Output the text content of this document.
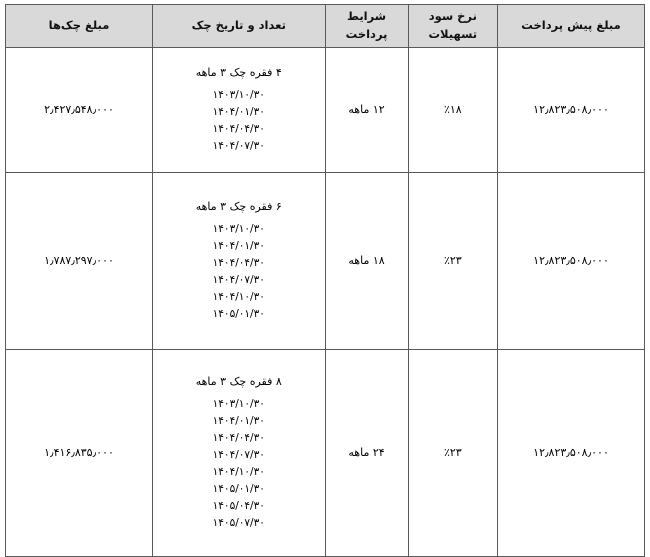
مبلغ پیش پرداخت	نرخ سود تسهیلات	شرایط پرداخت	تعداد و تاریخ چک	مبلغ چک‌ها
۱۲٫۸۲۳٫۵۰۸٫۰۰۰	٪۱۸	۱۲ ماهه	۴ فقره چک ۳ ماهه
۱۴۰۳/۱۰/۳۰
۱۴۰۴/۰۱/۳۰
۱۴۰۴/۰۴/۳۰
۱۴۰۴/۰۷/۳۰	۲٫۴۲۷٫۵۴۸٫۰۰۰
۱۲٫۸۲۳٫۵۰۸٫۰۰۰	٪۲۳	۱۸ ماهه	
۶ فقره چک ۳ ماهه
۱۴۰۳/۱۰/۳۰
۱۴۰۴/۰۱/۳۰
۱۴۰۴/۰۴/۳۰
۱۴۰۴/۰۷/۳۰
۱۴۰۴/۱۰/۳۰
۱۴۰۵/۰۱/۳۰
	۱٫۷۸۷٫۲۹۷٫۰۰۰
۱۲٫۸۲۳٫۵۰۸٫۰۰۰	٪۲۳	۲۴ ماهه	
۸ فقره چک ۳ ماهه
۱۴۰۳/۱۰/۳۰
۱۴۰۴/۰۱/۳۰
۱۴۰۴/۰۴/۳۰
۱۴۰۴/۰۷/۳۰
۱۴۰۴/۱۰/۳۰
۱۴۰۵/۰۱/۳۰
۱۴۰۵/۰۴/۳۰
۱۴۰۵/۰۷/۳۰
	۱٫۴۱۶٫۸۳۵٫۰۰۰
